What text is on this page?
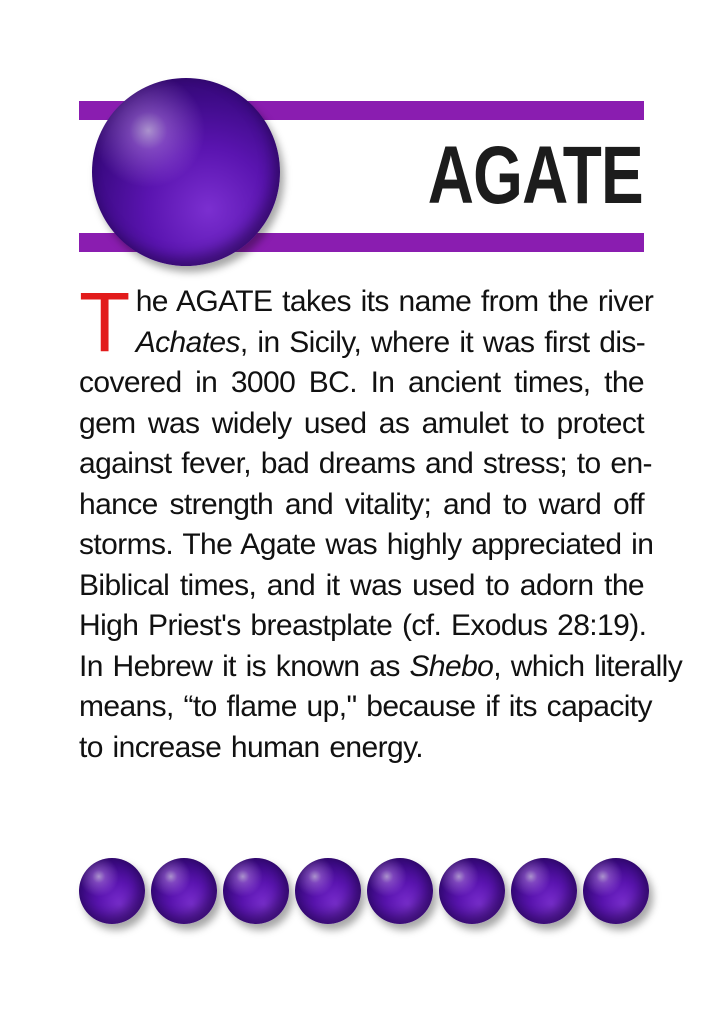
AGATE
T he AGATE takes its name from the river
Achates, in Sicily, where it was first dis-
covered in 3000 BC. In ancient times, the
gem was widely used as amulet to protect
against fever, bad dreams and stress; to en-
hance strength and vitality; and to ward off
storms. The Agate was highly appreciated in
Biblical times, and it was used to adorn the
High Priest's breastplate (cf. Exodus 28:19).
In Hebrew it is known as Shebo, which literally
means, “to flame up," because if its capacity
to increase human energy.
